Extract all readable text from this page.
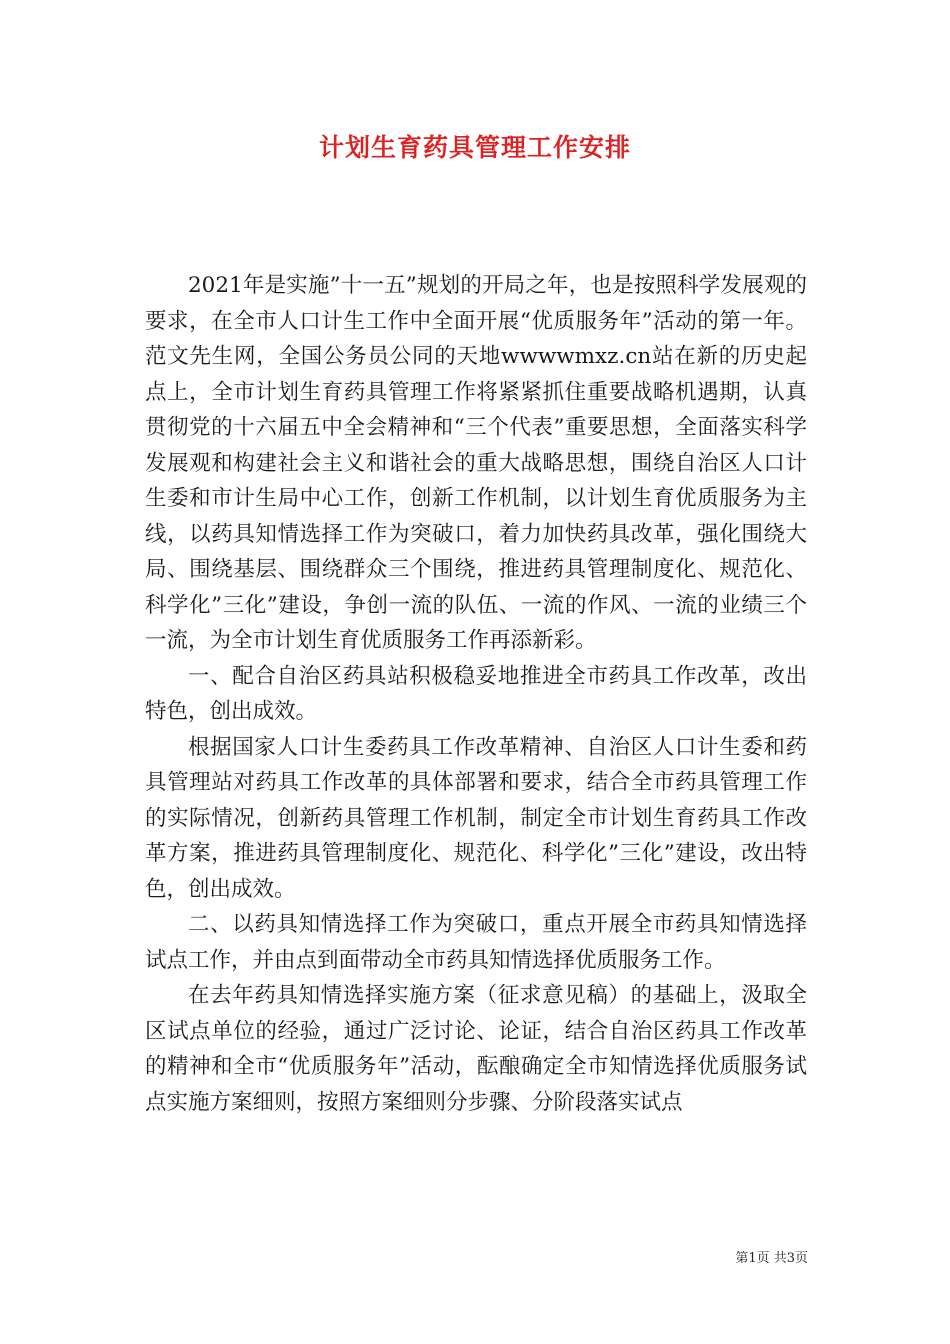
计划生育药具管理工作安排

2021年是实施”十一五”规划的开局之年，也是按照科学发展观的要求，在全市人口计生工作中全面开展“优质服务年”活动的第一年。范文先生网，全国公务员公同的天地wwwwmxz.cn站在新的历史起点上，全市计划生育药具管理工作将紧紧抓住重要战略机遇期，认真贯彻党的十六届五中全会精神和“三个代表”重要思想，全面落实科学发展观和构建社会主义和谐社会的重大战略思想，围绕自治区人口计生委和市计生局中心工作，创新工作机制，以计划生育优质服务为主线，以药具知情选择工作为突破口，着力加快药具改革，强化围绕大局、围绕基层、围绕群众三个围绕，推进药具管理制度化、规范化、科学化”三化”建设，争创一流的队伍、一流的作风、一流的业绩三个一流，为全市计划生育优质服务工作再添新彩。

一、配合自治区药具站积极稳妥地推进全市药具工作改革，改出特色，创出成效。

根据国家人口计生委药具工作改革精神、自治区人口计生委和药具管理站对药具工作改革的具体部署和要求，结合全市药具管理工作的实际情况，创新药具管理工作机制，制定全市计划生育药具工作改革方案，推进药具管理制度化、规范化、科学化”三化”建设，改出特色，创出成效。

二、以药具知情选择工作为突破口，重点开展全市药具知情选择试点工作，并由点到面带动全市药具知情选择优质服务工作。

在去年药具知情选择实施方案（征求意见稿）的基础上，汲取全区试点单位的经验，通过广泛讨论、论证，结合自治区药具工作改革的精神和全市“优质服务年”活动，酝酿确定全市知情选择优质服务试点实施方案细则，按照方案细则分步骤、分阶段落实试点

第1页 共3页
